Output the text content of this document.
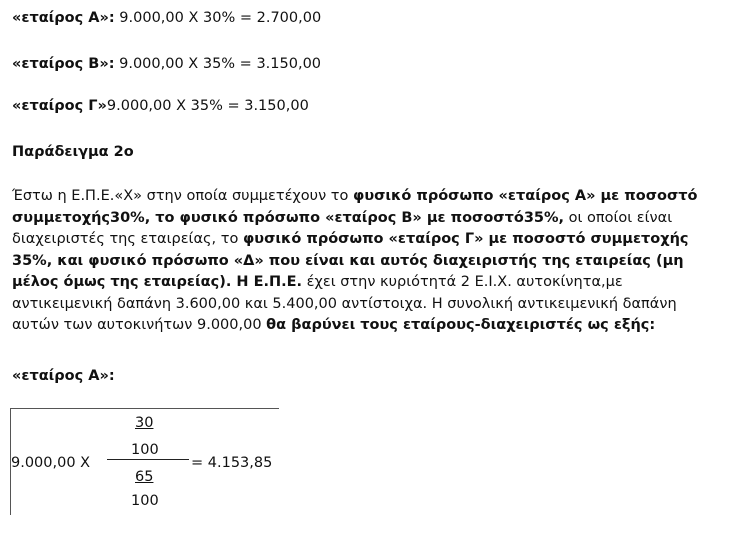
«εταίρος Α»: 9.000,00 Χ 30% = 2.700,00
«εταίρος Β»: 9.000,00 Χ 35% = 3.150,00
«εταίρος Γ»9.000,00 Χ 35% = 3.150,00
Παράδειγμα 2ο
Έστω η Ε.Π.Ε.«Χ» στην οποία συμμετέχουν το φυσικό πρόσωπο «εταίρος Α» με ποσοστό συμμετοχής30%, το φυσικό πρόσωπο «εταίρος Β» με ποσοστό35%, οι οποίοι είναι διαχειριστές της εταιρείας, το φυσικό πρόσωπο «εταίρος Γ» με ποσοστό συμμετοχής 35%, και φυσικό πρόσωπο «Δ» που είναι και αυτός διαχειριστής της εταιρείας (μη μέλος όμως της εταιρείας). Η Ε.Π.Ε. έχει στην κυριότητά 2 Ε.Ι.Χ. αυτοκίνητα,με αντικειμενική δαπάνη 3.600,00 και 5.400,00 αντίστοιχα. Η συνολική αντικειμενική δαπάνη αυτών των αυτοκινήτων 9.000,00 θα βαρύνει τους εταίρους-διαχειριστές ως εξής:
«εταίρος Α»:
30
100
9.000,00 Χ	= 4.153,85
65
100
